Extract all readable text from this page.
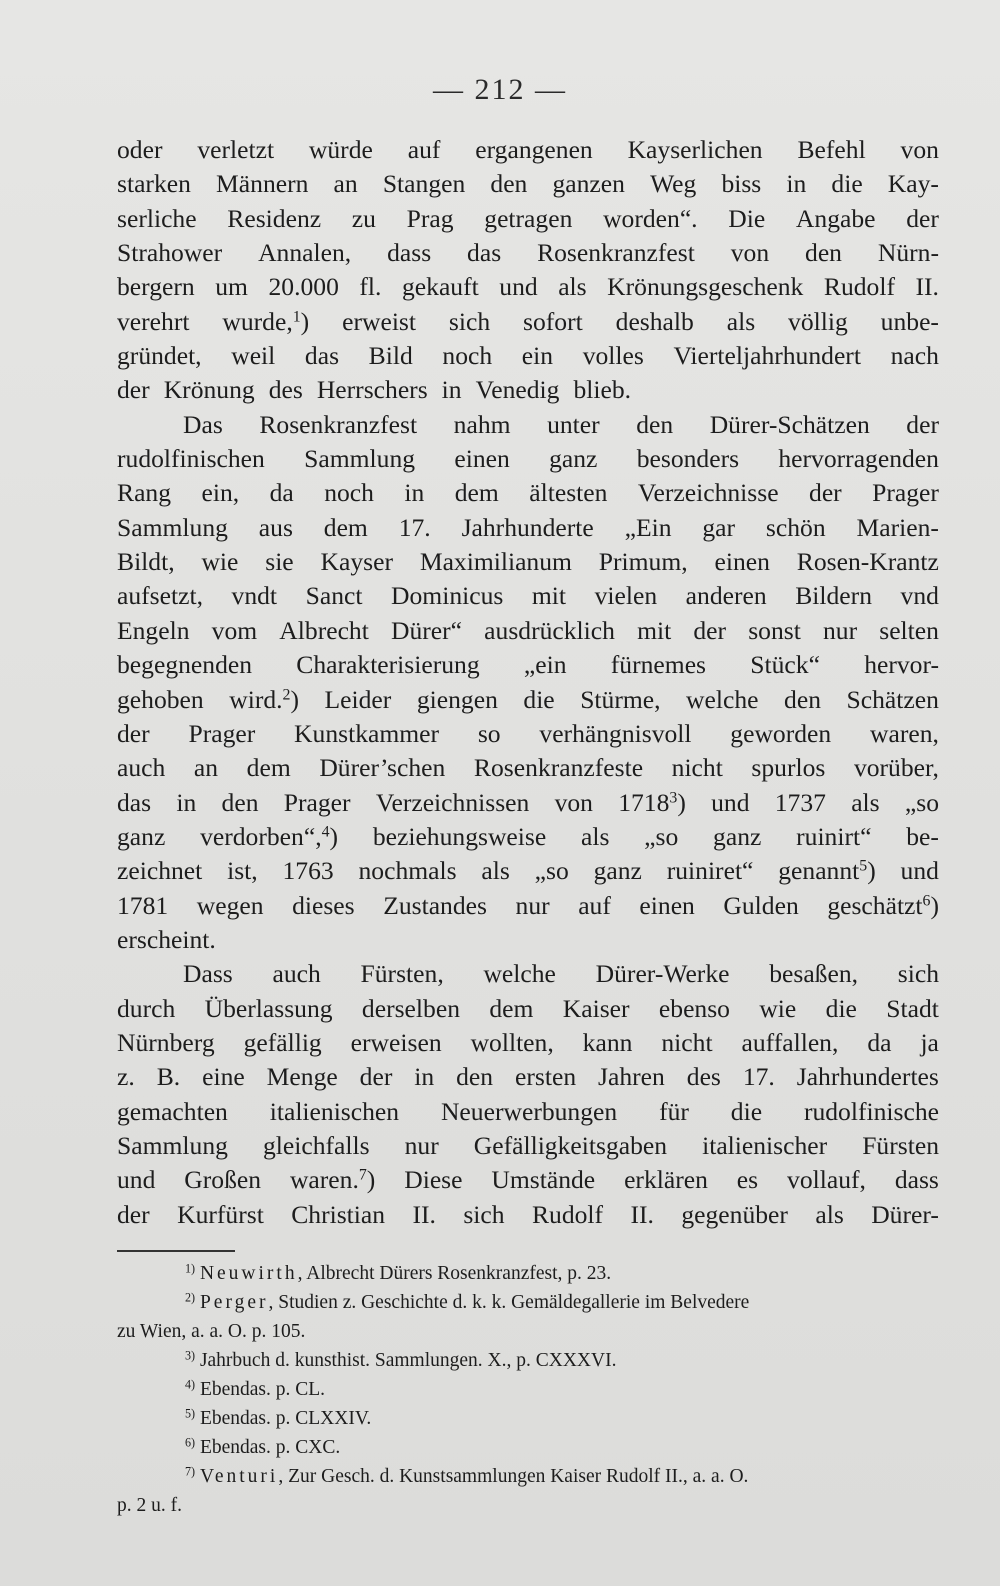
— 212 —
oder verletzt würde auf ergangenen Kayserlichen Befehl von
starken Männern an Stangen den ganzen Weg biss in die Kay-
serliche Residenz zu Prag getragen worden“. Die Angabe der
Strahower Annalen, dass das Rosenkranzfest von den Nürn-
bergern um 20.000 fl. gekauft und als Krönungsgeschenk Rudolf II.
verehrt wurde,$^1$) erweist sich sofort deshalb als völlig unbe-
gründet, weil das Bild noch ein volles Vierteljahrhundert nach
der Krönung des Herrschers in Venedig blieb.
Das Rosenkranzfest nahm unter den Dürer-Schätzen der
rudolfinischen Sammlung einen ganz besonders hervorragenden
Rang ein, da noch in dem ältesten Verzeichnisse der Prager
Sammlung aus dem 17. Jahrhunderte „Ein gar schön Marien-
Bildt, wie sie Kayser Maximilianum Primum, einen Rosen-Krantz
aufsetzt, vndt Sanct Dominicus mit vielen anderen Bildern vnd
Engeln vom Albrecht Dürer“ ausdrücklich mit der sonst nur selten
begegnenden Charakterisierung „ein fürnemes Stück“ hervor-
gehoben wird.$^2$) Leider giengen die Stürme, welche den Schätzen
der Prager Kunstkammer so verhängnisvoll geworden waren,
auch an dem Dürer’schen Rosenkranzfeste nicht spurlos vorüber,
das in den Prager Verzeichnissen von 1718$^3$) und 1737 als „so
ganz verdorben“,$^4$) beziehungsweise als „so ganz ruinirt“ be-
zeichnet ist, 1763 nochmals als „so ganz ruiniret“ genannt$^5$) und
1781 wegen dieses Zustandes nur auf einen Gulden geschätzt$^6$)
erscheint.
Dass auch Fürsten, welche Dürer-Werke besaßen, sich
durch Überlassung derselben dem Kaiser ebenso wie die Stadt
Nürnberg gefällig erweisen wollten, kann nicht auffallen, da ja
z. B. eine Menge der in den ersten Jahren des 17. Jahrhundertes
gemachten italienischen Neuerwerbungen für die rudolfinische
Sammlung gleichfalls nur Gefälligkeitsgaben italienischer Fürsten
und Großen waren.$^7$) Diese Umstände erklären es vollauf, dass
der Kurfürst Christian II. sich Rudolf II. gegenüber als Dürer-
$^{1)}$ Neuwirth, Albrecht Dürers Rosenkranzfest, p. 23.
$^{2)}$ Perger, Studien z. Geschichte d. k. k. Gemäldegallerie im Belvedere
zu Wien, a. a. O. p. 105.
$^{3)}$ Jahrbuch d. kunsthist. Sammlungen. X., p. CXXXVI.
$^{4)}$ Ebendas. p. CL.
$^{5)}$ Ebendas. p. CLXXIV.
$^{6)}$ Ebendas. p. CXC.
$^{7)}$ Venturi, Zur Gesch. d. Kunstsammlungen Kaiser Rudolf II., a. a. O.
p. 2 u. f.
